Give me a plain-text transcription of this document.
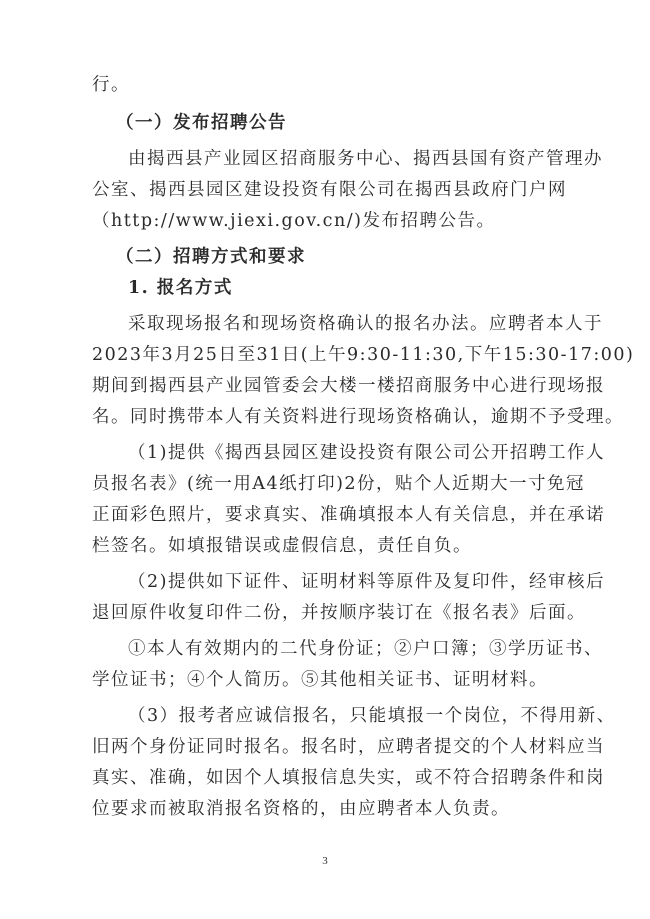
行。
（一）发布招聘公告
由揭西县产业园区招商服务中心、揭西县国有资产管理办
公室、揭西县园区建设投资有限公司在揭西县政府门户网
（http://www.jiexi.gov.cn/)发布招聘公告。
（二）招聘方式和要求
1. 报名方式
采取现场报名和现场资格确认的报名办法。应聘者本人于
2023年3月25日至31日(上午9:30-11:30,下午15:30-17:00)
期间到揭西县产业园管委会大楼一楼招商服务中心进行现场报
名。同时携带本人有关资料进行现场资格确认，逾期不予受理。
（1)提供《揭西县园区建设投资有限公司公开招聘工作人
员报名表》(统一用A4纸打印)2份，贴个人近期大一寸免冠
正面彩色照片，要求真实、准确填报本人有关信息，并在承诺
栏签名。如填报错误或虚假信息，责任自负。
（2)提供如下证件、证明材料等原件及复印件，经审核后
退回原件收复印件二份，并按顺序装订在《报名表》后面。
①本人有效期内的二代身份证；②户口簿；③学历证书、
学位证书；④个人简历。⑤其他相关证书、证明材料。
（3）报考者应诚信报名，只能填报一个岗位，不得用新、
旧两个身份证同时报名。报名时，应聘者提交的个人材料应当
真实、准确，如因个人填报信息失实，或不符合招聘条件和岗
位要求而被取消报名资格的，由应聘者本人负责。
3
